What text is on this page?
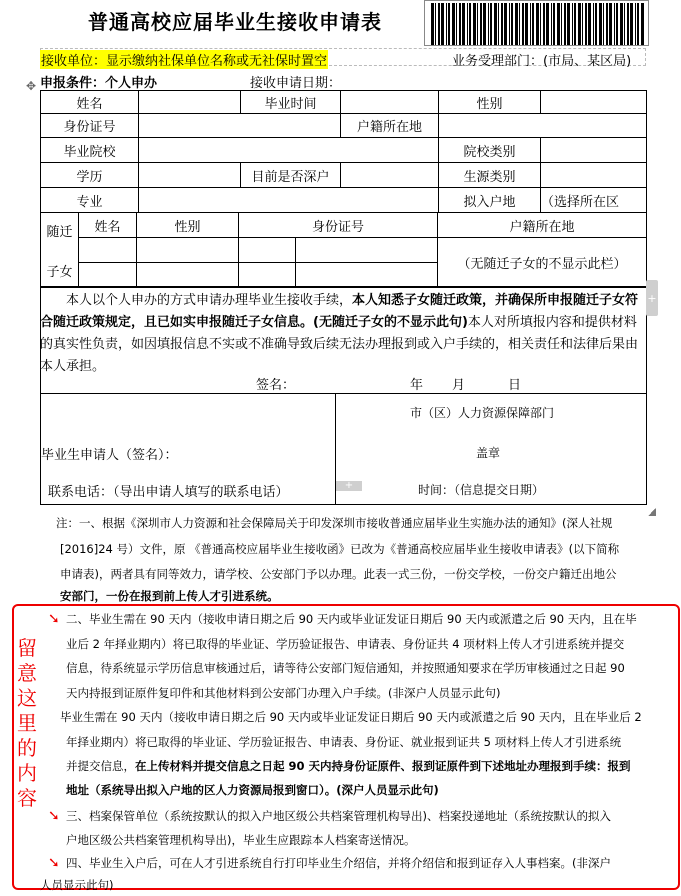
普通高校应届毕业生接收申请表
接收单位：显示缴纳社保单位名称或无社保时置空	业务受理部门：(市局、某区局)
✥ 申报条件：个人申办	接收申请日期：
姓名	毕业时间	性别
身份证号	户籍所在地
毕业院校	院校类别
学历	目前是否深户	生源类别
专业	拟入户地	（选择所在区
随迁
子女
姓名	性别	身份证号	户籍所在地
（无随迁子女的不显示此栏）
+
本人以个人申办的方式申请办理毕业生接收手续，本人知悉子女随迁政策，并确保所申报随迁子女符合随迁政策规定，且已如实申报随迁子女信息。(无随迁子女的不显示此句)本人对所填报内容和提供材料的真实性负责，如因填报信息不实或不准确导致后续无法办理报到或入户手续的，相关责任和法律后果由本人承担。
签名：	年 月	日
毕业生申请人（签名）：
联系电话：（导出申请人填写的联系电话）
市（区）人力资源保障部门
盖章
时间：（信息提交日期）
+
注：一、根据《深圳市人力资源和社会保障局关于印发深圳市接收普通应届毕业生实施办法的通知》(深人社规
[2016]24 号）文件，原 《普通高校应届毕业生接收函》已改为《普通高校应届毕业生接收申请表》(以下简称
申请表)，两者具有同等效力，请学校、公安部门予以办理。此表一式三份，一份交学校，一份交户籍迁出地公
安部门，一份在报到前上传人才引进系统。
留意这里的内容
➘ 二、毕业生需在 90 天内（接收申请日期之后 90 天内或毕业证发证日期后 90 天内或派遣之后 90 天内，且在毕
业后 2 年择业期内）将已取得的毕业证、学历验证报告、申请表、身份证共 4 项材料上传人才引进系统并提交
信息，待系统显示学历信息审核通过后，请等待公安部门短信通知，并按照通知要求在学历审核通过之日起 90
天内持报到证原件复印件和其他材料到公安部门办理入户手续。(非深户人员显示此句)
毕业生需在 90 天内（接收申请日期之后 90 天内或毕业证发证日期后 90 天内或派遣之后 90 天内，且在毕业后 2
年择业期内）将已取得的毕业证、学历验证报告、申请表、身份证、就业报到证共 5 项材料上传人才引进系统
并提交信息，在上传材料并提交信息之日起 90 天内持身份证原件、报到证原件到下述地址办理报到手续：报到
地址（系统导出拟入户地的区人力资源局报到窗口）。(深户人员显示此句)
➘ 三、档案保管单位（系统按默认的拟入户地区级公共档案管理机构导出)、档案投递地址（系统按默认的拟入
户地区级公共档案管理机构导出)，毕业生应跟踪本人档案寄送情况。
➘ 四、毕业生入户后，可在人才引进系统自行打印毕业生介绍信，并将介绍信和报到证存入人事档案。(非深户
人员显示此句)
